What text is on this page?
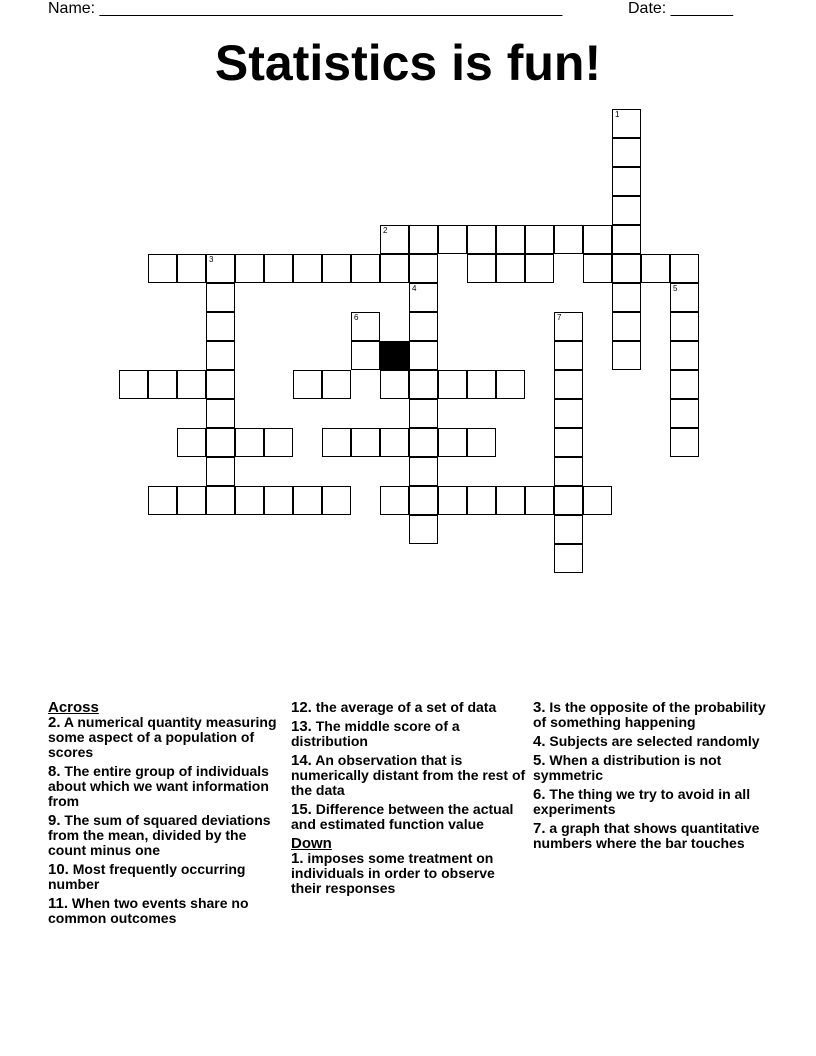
Name: ____________________________________________________	Date: _______
Statistics is fun!
1
2
3
4	5
6	7
Across
2. A numerical quantity measuring some aspect of a population of scores
8. The entire group of individuals about which we want information from
9. The sum of squared deviations from the mean, divided by the count minus one
10. Most frequently occurring number
11. When two events share no common outcomes
12. the average of a set of data
13. The middle score of a distribution
14. An observation that is numerically distant from the rest of the data
15. Difference between the actual and estimated function value
Down
1. imposes some treatment on individuals in order to observe their responses
3. Is the opposite of the probability of something happening
4. Subjects are selected randomly
5. When a distribution is not symmetric
6. The thing we try to avoid in all experiments
7. a graph that shows quantitative numbers where the bar touches
